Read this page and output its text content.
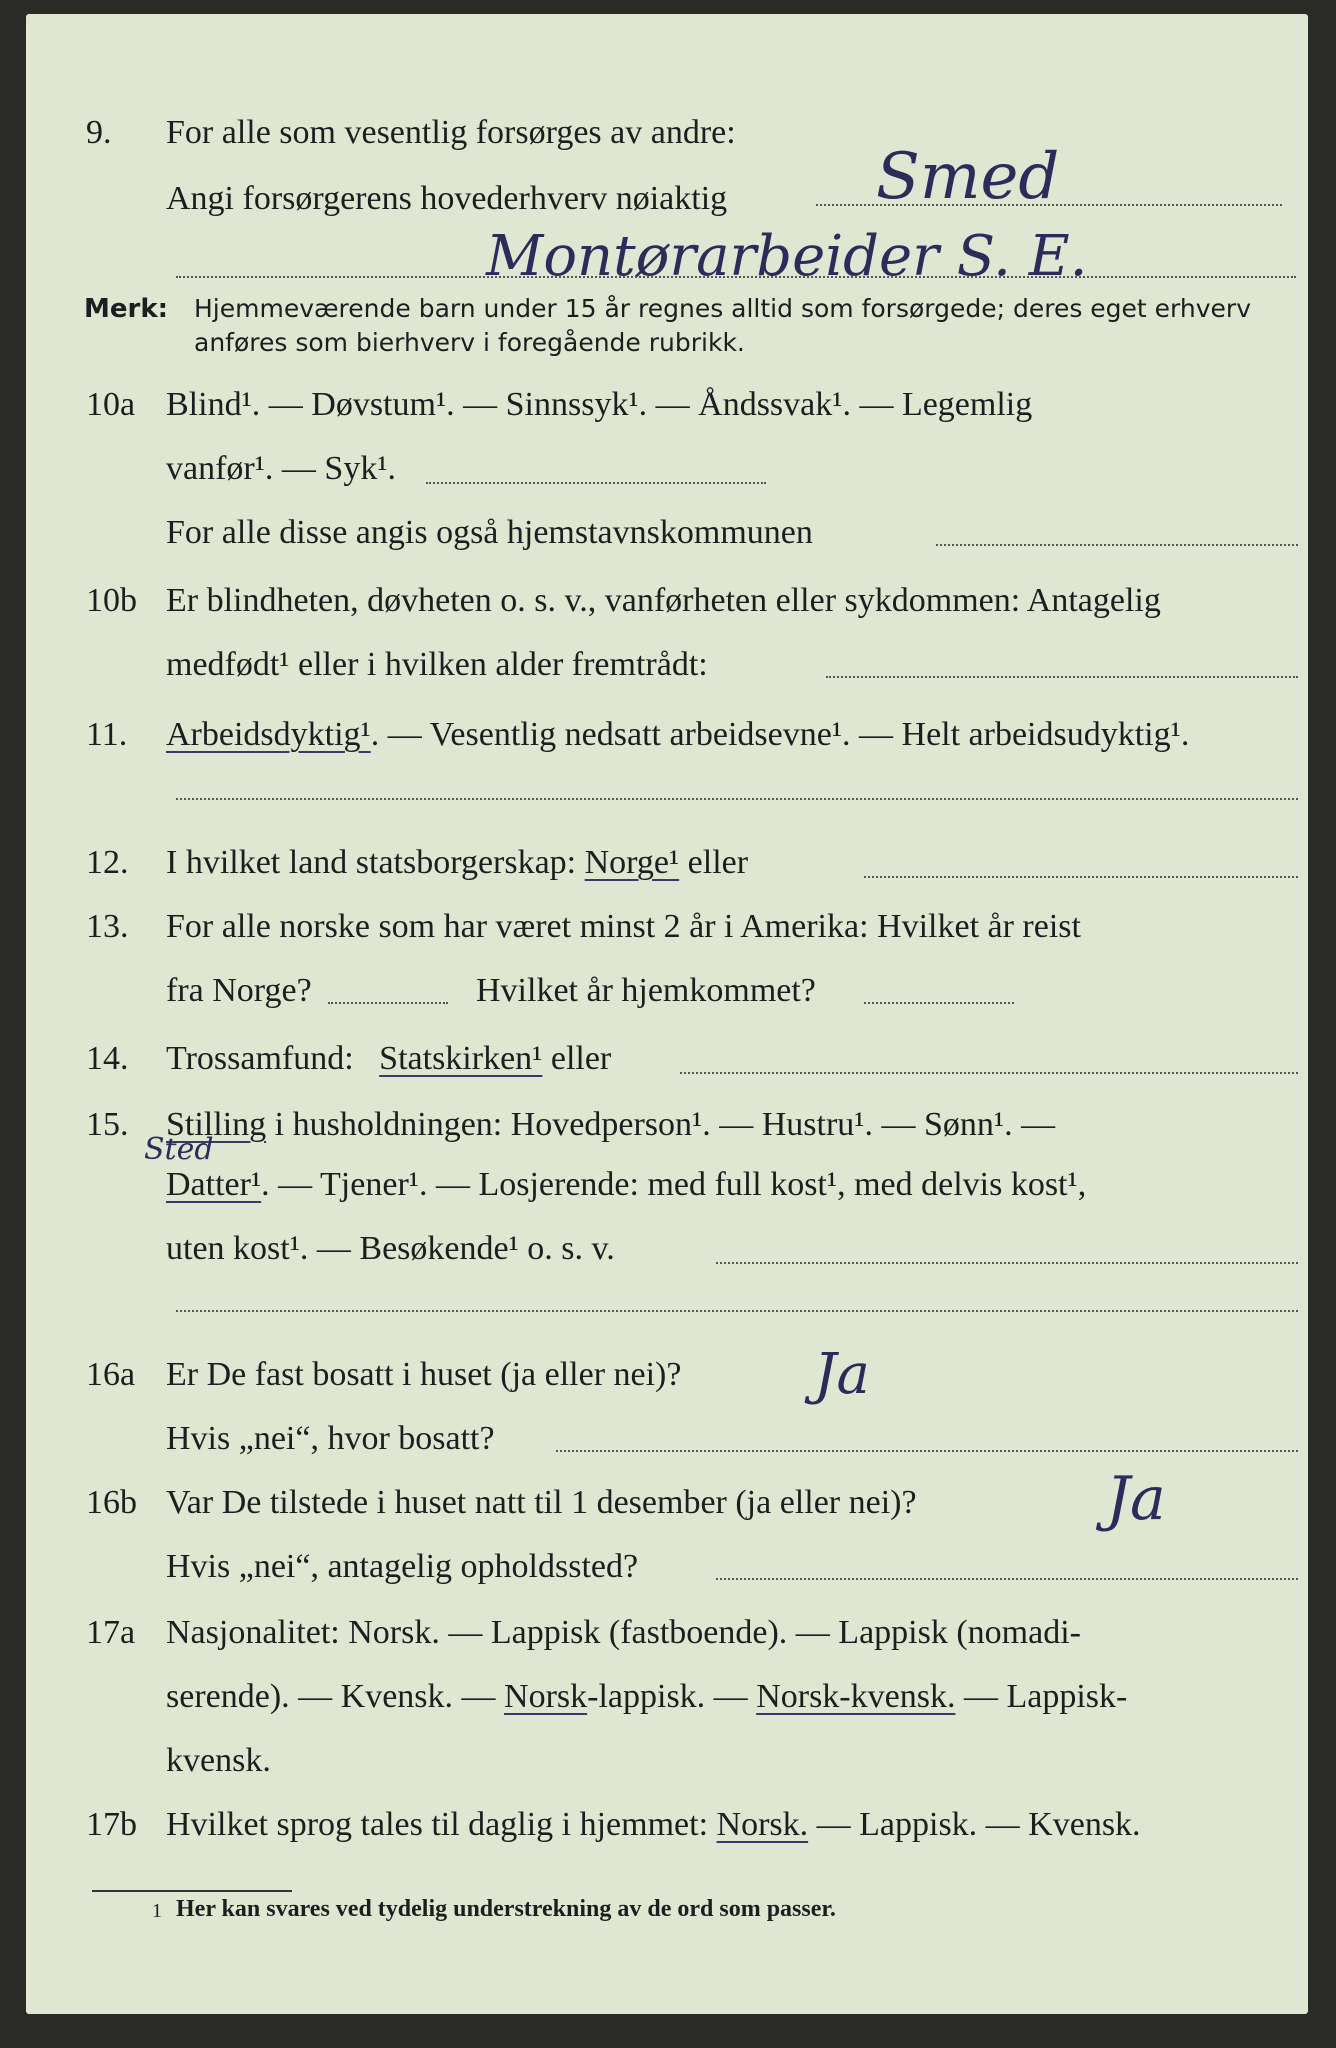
9. For alle som vesentlig forsørges av andre:
Angi forsørgerens hovederhverv nøiaktig Smed
Montørarbeider S. E.
Merk: Hjemmeværende barn under 15 år regnes alltid som forsørgede; deres eget erhverv
anføres som bierhverv i foregående rubrikk.
10a Blind¹. — Døvstum¹. — Sinnssyk¹. — Åndssvak¹. — Legemlig
vanfør¹. — Syk¹.
For alle disse angis også hjemstavnskommunen
10b Er blindheten, døvheten o. s. v., vanførheten eller sykdommen: Antagelig
medfødt¹ eller i hvilken alder fremtrådt:
11. Arbeidsdyktig¹. — Vesentlig nedsatt arbeidsevne¹. — Helt arbeidsudyktig¹.
12. I hvilket land statsborgerskap: Norge¹ eller
13. For alle norske som har været minst 2 år i Amerika: Hvilket år reist
fra Norge?	Hvilket år hjemkommet?
14. Trossamfund: Statskirken¹ eller
15. Stilling i husholdningen: Hovedperson¹. — Hustru¹. — Sønn¹. —
Sted
Datter¹. — Tjener¹. — Losjerende: med full kost¹, med delvis kost¹,
uten kost¹. — Besøkende¹ o. s. v.
16a Er De fast bosatt i huset (ja eller nei)? Ja
Hvis „nei“, hvor bosatt?
16b Var De tilstede i huset natt til 1 desember (ja eller nei)?	Ja
Hvis „nei“, antagelig opholdssted?
17a Nasjonalitet: Norsk. — Lappisk (fastboende). — Lappisk (nomadi-
serende). — Kvensk. — Norsk-lappisk. — Norsk-kvensk. — Lappisk-
kvensk.
17b Hvilket sprog tales til daglig i hjemmet: Norsk. — Lappisk. — Kvensk.
1 Her kan svares ved tydelig understrekning av de ord som passer.
